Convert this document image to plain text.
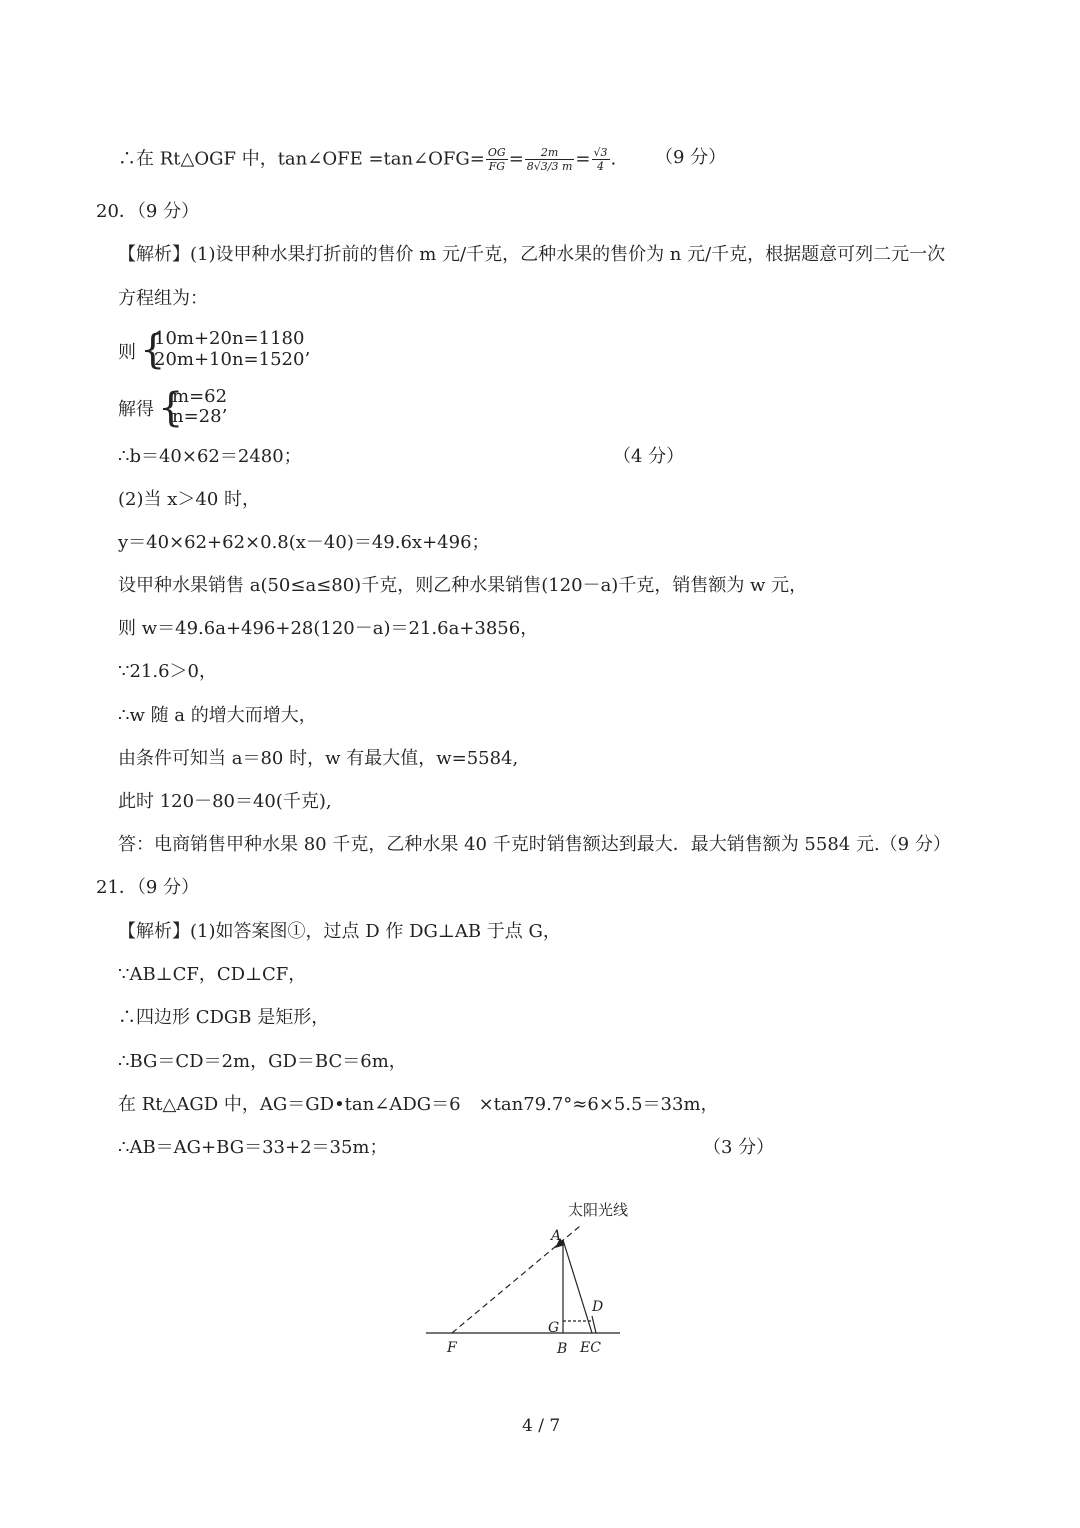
∴在 Rt△OGF 中，tan∠OFE =tan∠OFG= $\frac{OG}{FG} = \frac{2m}{8√3/3 m} = \frac{√3}{4}$ . （9 分）
20．（9 分）
【解析】(1)设甲种水果打折前的售价 m 元/千克，乙种水果的售价为 n 元/千克，根据题意可列二元一次
方程组为：
则 {
10m+20n=1180
20m+10n=1520’
解得 {
m=62
n=28’
∴b＝40×62＝2480；	（4 分）
(2)当 x＞40 时，
y＝40×62+62×0.8(x－40)＝49.6x+496；
设甲种水果销售 a(50≤a≤80)千克，则乙种水果销售(120－a)千克，销售额为 w 元，
则 w＝49.6a+496+28(120－a)＝21.6a+3856，
∵21.6＞0，
∴w 随 a 的增大而增大，
由条件可知当 a＝80 时，w 有最大值，w=5584,
此时 120－80＝40(千克),
答：电商销售甲种水果 80 千克，乙种水果 40 千克时销售额达到最大．最大销售额为 5584 元.（9 分）
21．（9 分）
【解析】(1)如答案图①，过点 D 作 DG⊥AB 于点 G，
∵AB⊥CF，CD⊥CF，
∴四边形 CDGB 是矩形，
∴BG＝CD＝2m，GD＝BC＝6m，
在 Rt△AGD 中，AG＝GD•tan∠ADG＝6　×tan79.7°≈6×5.5＝33m，
∴AB＝AG+BG＝33+2＝35m；	（3 分）
太阳光线
A
D
G
F	B EC
4 / 7
